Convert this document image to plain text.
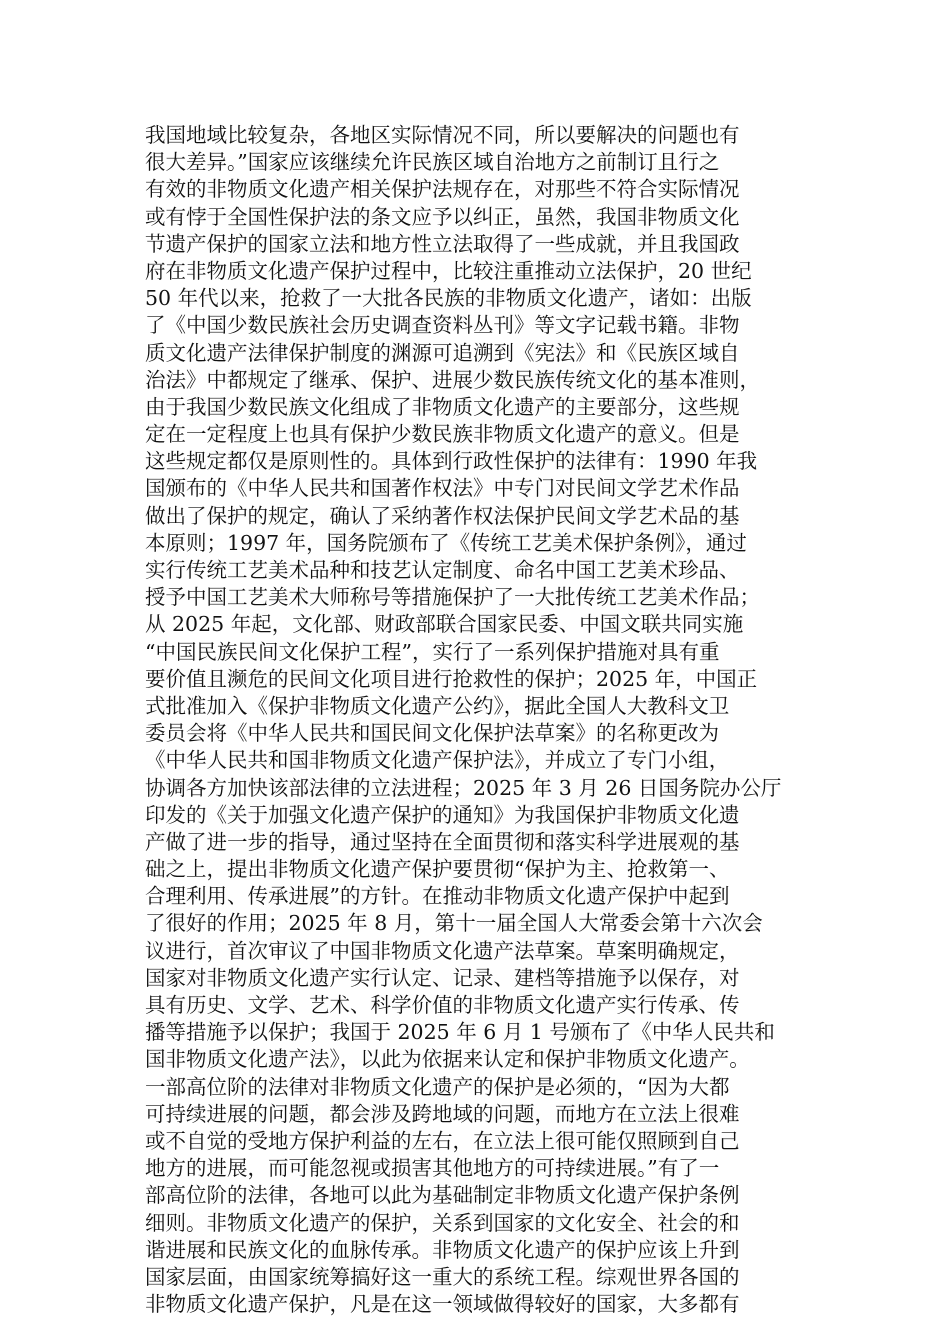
我国地域比较复杂，各地区实际情况不同，所以要解决的问题也有
很大差异。”国家应该继续允许民族区域自治地方之前制订且行之
有效的非物质文化遗产相关保护法规存在，对那些不符合实际情况
或有悖于全国性保护法的条文应予以纠正，虽然，我国非物质文化
节遗产保护的国家立法和地方性立法取得了一些成就，并且我国政
府在非物质文化遗产保护过程中，比较注重推动立法保护，20 世纪
50 年代以来，抢救了一大批各民族的非物质文化遗产，诸如：出版
了《中国少数民族社会历史调查资料丛刊》等文字记载书籍。非物
质文化遗产法律保护制度的渊源可追溯到《宪法》和《民族区域自
治法》中都规定了继承、保护、进展少数民族传统文化的基本准则，
由于我国少数民族文化组成了非物质文化遗产的主要部分，这些规
定在一定程度上也具有保护少数民族非物质文化遗产的意义。但是
这些规定都仅是原则性的。具体到行政性保护的法律有：1990 年我
国颁布的《中华人民共和国著作权法》中专门对民间文学艺术作品
做出了保护的规定，确认了采纳著作权法保护民间文学艺术品的基
本原则；1997 年，国务院颁布了《传统工艺美术保护条例》，通过
实行传统工艺美术品种和技艺认定制度、命名中国工艺美术珍品、
授予中国工艺美术大师称号等措施保护了一大批传统工艺美术作品；
从 2025 年起，文化部、财政部联合国家民委、中国文联共同实施
“中国民族民间文化保护工程”，实行了一系列保护措施对具有重
要价值且濒危的民间文化项目进行抢救性的保护；2025 年，中国正
式批准加入《保护非物质文化遗产公约》，据此全国人大教科文卫
委员会将《中华人民共和国民间文化保护法草案》的名称更改为
《中华人民共和国非物质文化遗产保护法》，并成立了专门小组，
协调各方加快该部法律的立法进程；2025 年 3 月 26 日国务院办公厅
印发的《关于加强文化遗产保护的通知》为我国保护非物质文化遗
产做了进一步的指导，通过坚持在全面贯彻和落实科学进展观的基
础之上，提出非物质文化遗产保护要贯彻“保护为主、抢救第一、
合理利用、传承进展”的方针。在推动非物质文化遗产保护中起到
了很好的作用；2025 年 8 月，第十一届全国人大常委会第十六次会
议进行，首次审议了中国非物质文化遗产法草案。草案明确规定，
国家对非物质文化遗产实行认定、记录、建档等措施予以保存，对
具有历史、文学、艺术、科学价值的非物质文化遗产实行传承、传
播等措施予以保护；我国于 2025 年 6 月 1 号颁布了《中华人民共和
国非物质文化遗产法》，以此为依据来认定和保护非物质文化遗产。
一部高位阶的法律对非物质文化遗产的保护是必须的，“因为大都
可持续进展的问题，都会涉及跨地域的问题，而地方在立法上很难
或不自觉的受地方保护利益的左右，在立法上很可能仅照顾到自己
地方的进展，而可能忽视或损害其他地方的可持续进展。”有了一
部高位阶的法律，各地可以此为基础制定非物质文化遗产保护条例
细则。非物质文化遗产的保护，关系到国家的文化安全、社会的和
谐进展和民族文化的血脉传承。非物质文化遗产的保护应该上升到
国家层面，由国家统筹搞好这一重大的系统工程。综观世界各国的
非物质文化遗产保护，凡是在这一领域做得较好的国家，大多都有
